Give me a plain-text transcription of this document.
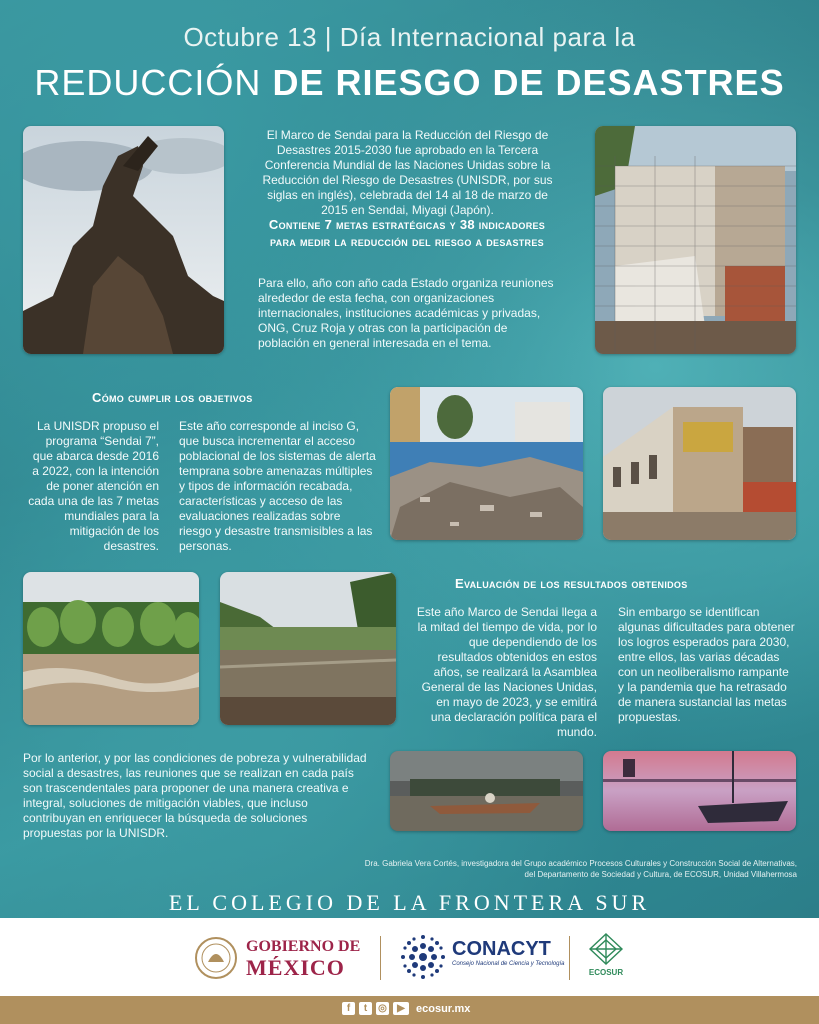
Octubre 13 | Día Internacional para la
REDUCCIÓN DE RIESGO DE DESASTRES
El Marco de Sendai para la Reducción del Riesgo de Desastres 2015-2030 fue aprobado en la Tercera Conferencia Mundial de las Naciones Unidas sobre la Reducción del Riesgo de Desastres (UNISDR, por sus siglas en inglés), celebrada del 14 al 18 de marzo de 2015 en Sendai, Miyagi (Japón).
Contiene 7 metas estratégicas y 38 indicadores para medir la reducción del riesgo a desastres
Para ello, año con año cada Estado organiza reuniones alrededor de esta fecha, con organizaciones internacionales, instituciones académicas y privadas, ONG, Cruz Roja y otras con la participación de población en general interesada en el tema.
Cómo cumplir los objetivos
La UNISDR propuso el programa “Sendai 7”, que abarca desde 2016 a 2022, con la intención de poner atención en cada una de las 7 metas mundiales para la mitigación de los desastres.
Este año corresponde al inciso G, que busca incrementar el acceso poblacional de los sistemas de alerta temprana sobre amenazas múltiples y tipos de información recabada, características y acceso de las evaluaciones realizadas sobre riesgo y desastre transmisibles a las personas.
Evaluación de los resultados obtenidos
Este año Marco de Sendai llega a la mitad del tiempo de vida, por lo que dependiendo de los resultados obtenidos en estos años, se realizará la Asamblea General de las Naciones Unidas, en mayo de 2023, y se emitirá una declaración política para el mundo.
Sin embargo se identifican algunas dificultades para obtener los logros esperados para 2030, entre ellos, las varias décadas con un neoliberalismo rampante y la pandemia que ha retrasado de manera sustancial las metas propuestas.
Por lo anterior, y por las condiciones de pobreza y vulnerabilidad social a desastres, las reuniones que se realizan en cada país son trascendentales para proponer de una manera creativa e integral, soluciones de mitigación viables, que incluso contribuyan en enriquecer la búsqueda de soluciones propuestas por la UNISDR.
Dra. Gabriela Vera Cortés, investigadora del Grupo académico Procesos Culturales y Construcción Social de Alternativas,
del Departamento de Sociedad y Cultura, de ECOSUR, Unidad Villahermosa
EL COLEGIO DE LA FRONTERA SUR
GOBIERNO DE
MÉXICO
CONACYT
Consejo Nacional de Ciencia y Tecnología
ECOSUR
f	t	◎	▶	ecosur.mx
